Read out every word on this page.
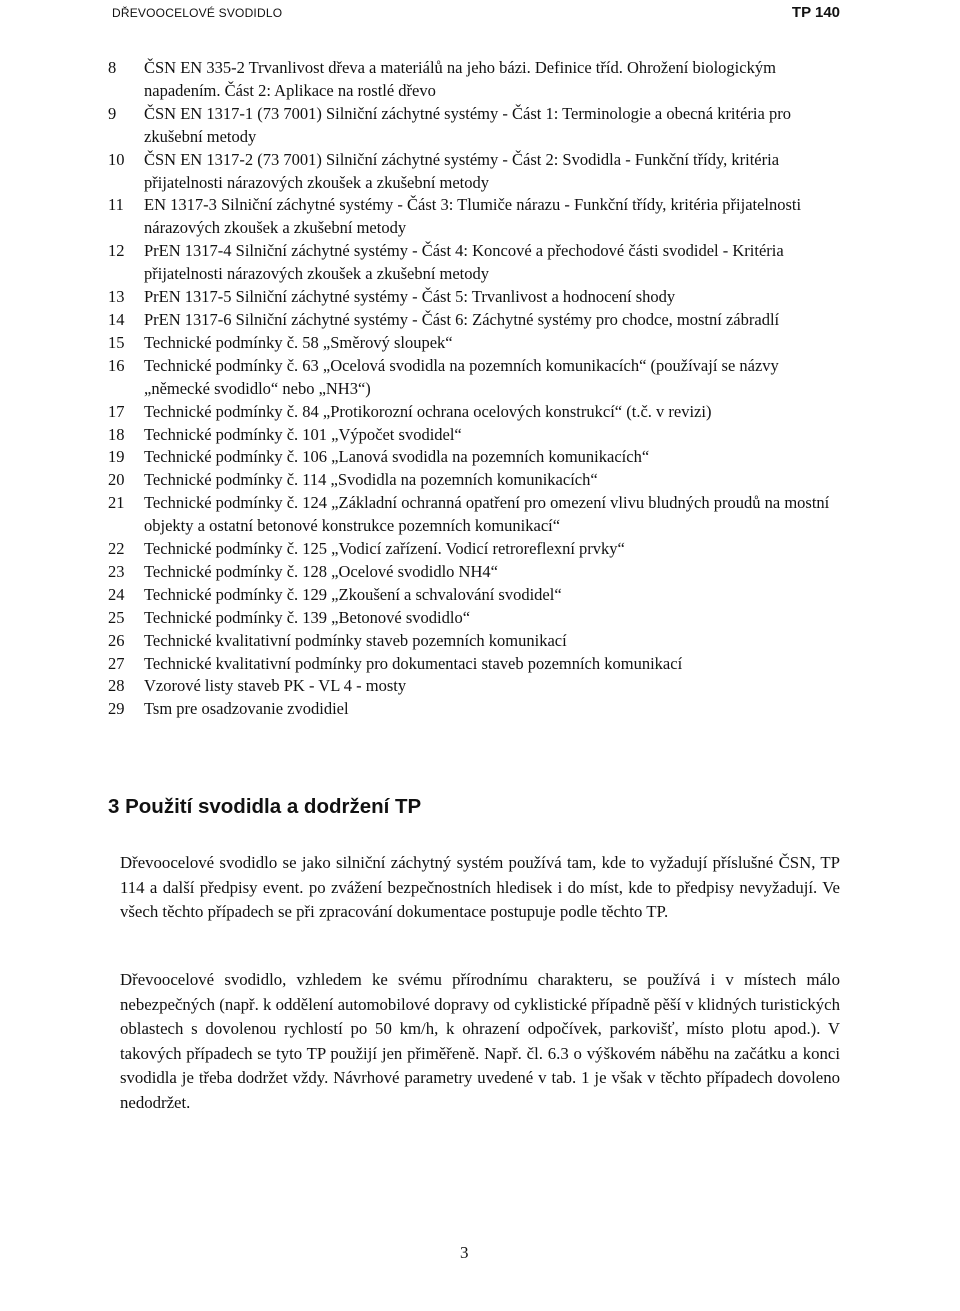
DŘEVOOCELOVÉ SVODIDLO	TP 140
8	ČSN EN 335-2 Trvanlivost dřeva a materiálů na jeho bázi. Definice tříd. Ohrožení biologickým napadením. Část 2: Aplikace na rostlé dřevo
9	ČSN EN 1317-1 (73 7001) Silniční záchytné systémy - Část 1: Terminologie a obecná kritéria pro zkušební metody
10	ČSN EN 1317-2 (73 7001) Silniční záchytné systémy - Část 2: Svodidla - Funkční třídy, kritéria přijatelnosti nárazových zkoušek a zkušební metody
11	EN 1317-3 Silniční záchytné systémy - Část 3: Tlumiče nárazu - Funkční třídy, kritéria přijatelnosti nárazových zkoušek a zkušební metody
12	PrEN 1317-4 Silniční záchytné systémy - Část 4: Koncové a přechodové části svodidel - Kritéria přijatelnosti nárazových zkoušek a zkušební metody
13	PrEN 1317-5 Silniční záchytné systémy - Část 5: Trvanlivost a hodnocení shody
14	PrEN 1317-6 Silniční záchytné systémy - Část 6: Záchytné systémy pro chodce, mostní zábradlí
15	Technické podmínky č. 58 „Směrový sloupek“
16	Technické podmínky č. 63 „Ocelová svodidla na pozemních komunikacích“ (používají se názvy „německé svodidlo“ nebo „NH3“)
17	Technické podmínky č. 84 „Protikorozní ochrana ocelových konstrukcí“ (t.č. v revizi)
18	Technické podmínky č. 101 „Výpočet svodidel“
19	Technické podmínky č. 106 „Lanová svodidla na pozemních komunikacích“
20	Technické podmínky č. 114 „Svodidla na pozemních komunikacích“
21	Technické podmínky č. 124 „Základní ochranná opatření pro omezení vlivu bludných proudů na mostní objekty a ostatní betonové konstrukce pozemních komunikací“
22	Technické podmínky č. 125 „Vodicí zařízení. Vodicí retroreflexní prvky“
23	Technické podmínky č. 128 „Ocelové svodidlo NH4“
24	Technické podmínky č. 129 „Zkoušení a schvalování svodidel“
25	Technické podmínky č. 139 „Betonové svodidlo“
26	Technické kvalitativní podmínky staveb pozemních komunikací
27	Technické kvalitativní podmínky pro dokumentaci staveb pozemních komunikací
28	Vzorové listy staveb PK - VL 4 - mosty
29	Tsm pre osadzovanie zvodidiel
3 Použití svodidla a dodržení TP

Dřevoocelové svodidlo se jako silniční záchytný systém používá tam, kde to vyžadují příslušné ČSN, TP 114 a další předpisy event. po zvážení bezpečnostních hledisek i do míst, kde to předpisy nevyžadují. Ve všech těchto případech se při zpracování dokumentace postupuje podle těchto TP.

Dřevoocelové svodidlo, vzhledem ke svému přírodnímu charakteru, se používá i v místech málo nebezpečných (např. k oddělení automobilové dopravy od cyklistické případně pěší v klidných turistických oblastech s dovolenou rychlostí po 50 km/h, k ohrazení odpočívek, parkovišť, místo plotu apod.). V takových případech se tyto TP použijí jen přiměřeně. Např. čl. 6.3 o výškovém náběhu na začátku a konci svodidla je třeba dodržet vždy. Návrhové parametry uvedené v tab. 1 je však v těchto případech dovoleno nedodržet.

3
